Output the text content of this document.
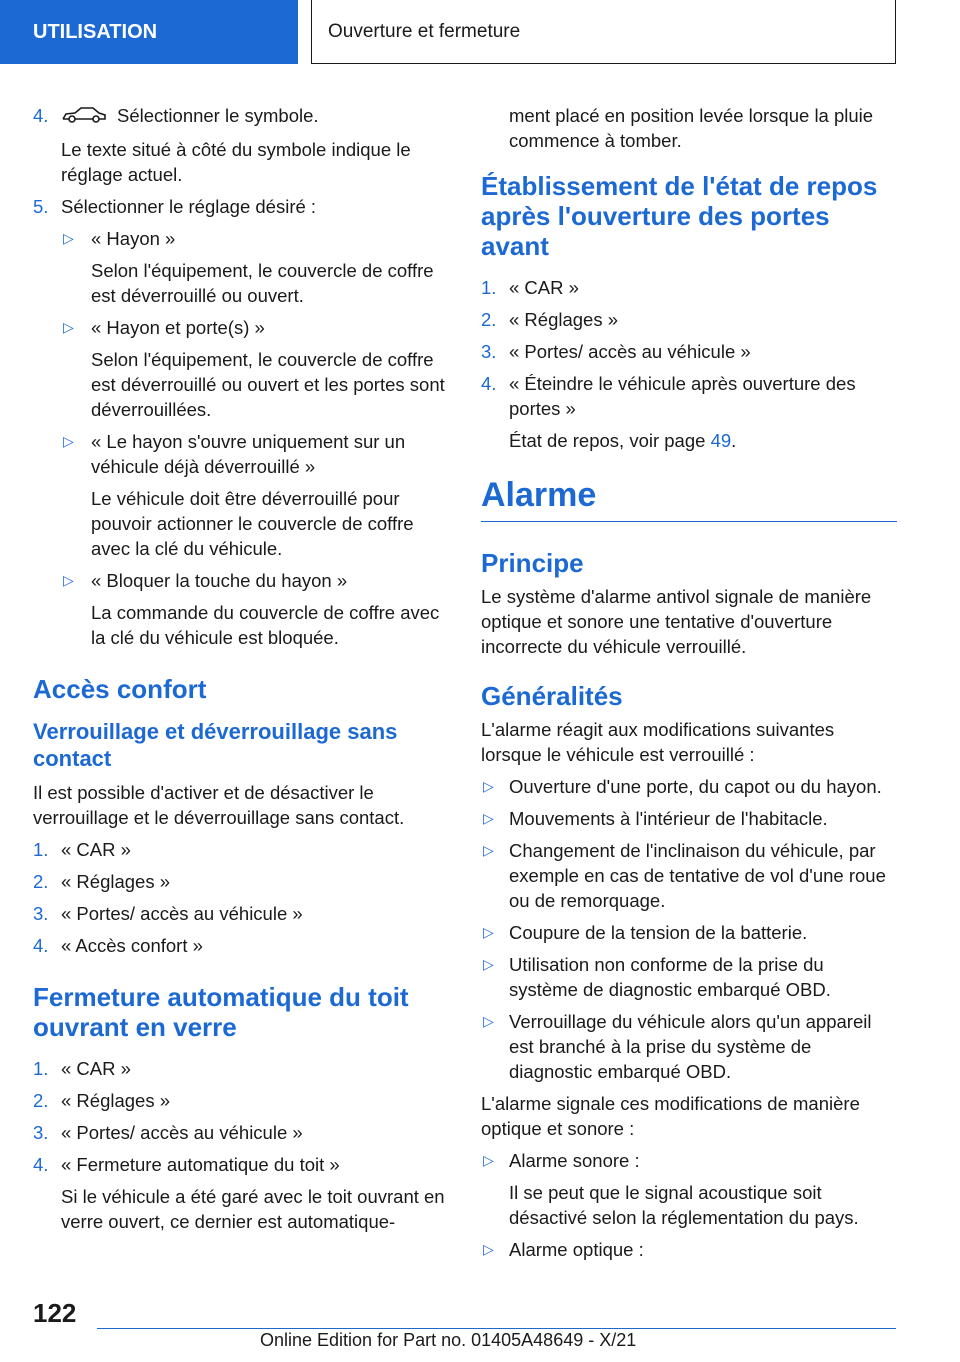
UTILISATION	Ouverture et fermeture
4.	Sélectionner le symbole.
Le texte situé à côté du symbole indique le réglage actuel.
5. Sélectionner le réglage désiré :
▷ « Hayon »
Selon l'équipement, le couvercle de coffre est déverrouillé ou ouvert.
▷ « Hayon et porte(s) »
Selon l'équipement, le couvercle de coffre est déverrouillé ou ouvert et les portes sont déverrouillées.
▷ « Le hayon s'ouvre uniquement sur un véhicule déjà déverrouillé »
Le véhicule doit être déverrouillé pour pouvoir actionner le couvercle de coffre avec la clé du véhicule.
▷ « Bloquer la touche du hayon »
La commande du couvercle de coffre avec la clé du véhicule est bloquée.
Accès confort
Verrouillage et déverrouillage sans contact
Il est possible d'activer et de désactiver le verrouillage et le déverrouillage sans contact.
1. « CAR »
2. « Réglages »
3. « Portes/ accès au véhicule »
4. « Accès confort »
Fermeture automatique du toit ouvrant en verre
1. « CAR »
2. « Réglages »
3. « Portes/ accès au véhicule »
4. « Fermeture automatique du toit »
Si le véhicule a été garé avec le toit ouvrant en verre ouvert, ce dernier est automatique-
ment placé en position levée lorsque la pluie commence à tomber.
Établissement de l'état de repos après l'ouverture des portes avant
1. « CAR »
2. « Réglages »
3. « Portes/ accès au véhicule »
4. « Éteindre le véhicule après ouverture des portes »
État de repos, voir page 49.
Alarme
Principe
Le système d'alarme antivol signale de manière optique et sonore une tentative d'ouverture incorrecte du véhicule verrouillé.
Généralités
L'alarme réagit aux modifications suivantes lorsque le véhicule est verrouillé :
▷ Ouverture d'une porte, du capot ou du hayon.
▷ Mouvements à l'intérieur de l'habitacle.
▷ Changement de l'inclinaison du véhicule, par exemple en cas de tentative de vol d'une roue ou de remorquage.
▷ Coupure de la tension de la batterie.
▷ Utilisation non conforme de la prise du système de diagnostic embarqué OBD.
▷ Verrouillage du véhicule alors qu'un appareil est branché à la prise du système de diagnostic embarqué OBD.
L'alarme signale ces modifications de manière optique et sonore :
▷ Alarme sonore :
Il se peut que le signal acoustique soit désactivé selon la réglementation du pays.
▷ Alarme optique :
122
Online Edition for Part no. 01405A48649 - X/21
